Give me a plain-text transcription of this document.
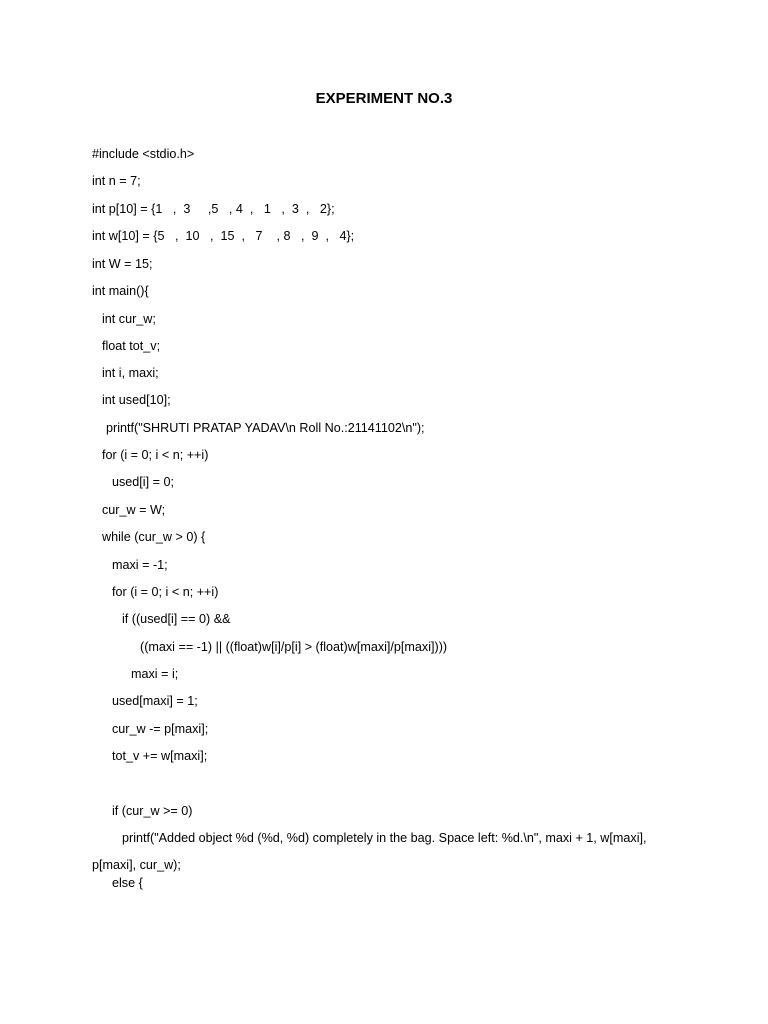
EXPERIMENT NO.3
#include <stdio.h>
int n = 7;
int p[10] = {1   ,  3     ,5   , 4  ,   1   ,  3  ,   2};
int w[10] = {5   ,  10   ,  15  ,   7    , 8   ,  9  ,   4};
int W = 15;
int main(){
int cur_w;
float tot_v;
int i, maxi;
int used[10];
printf("SHRUTI PRATAP YADAV\n Roll No.:21141102\n");
for (i = 0; i < n; ++i)
used[i] = 0;
cur_w = W;
while (cur_w > 0) {
maxi = -1;
for (i = 0; i < n; ++i)
if ((used[i] == 0) &&
((maxi == -1) || ((float)w[i]/p[i] > (float)w[maxi]/p[maxi])))
maxi = i;
used[maxi] = 1;
cur_w -= p[maxi];
tot_v += w[maxi];
if (cur_w >= 0)
printf("Added object %d (%d, %d) completely in the bag. Space left: %d.\n", maxi + 1, w[maxi],
p[maxi], cur_w);
else {
